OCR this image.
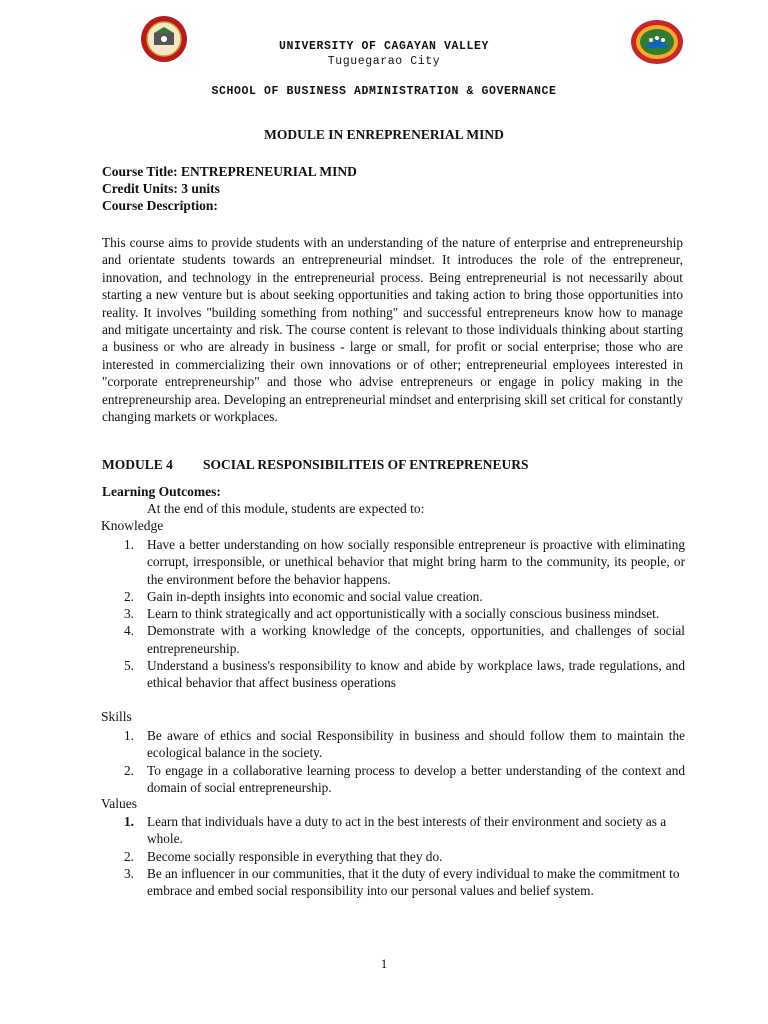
UNIVERSITY OF CAGAYAN VALLEY
Tuguegarao City
SCHOOL OF BUSINESS ADMINISTRATION & GOVERNANCE
MODULE IN ENREPRENERIAL MIND
Course Title: ENTREPRENEURIAL MIND
Credit Units: 3 units
Course Description:

This course aims to provide students with an understanding of the nature of enterprise and entrepreneurship and orientate students towards an entrepreneurial mindset. It introduces the role of the entrepreneur, innovation, and technology in the entrepreneurial process. Being entrepreneurial is not necessarily about starting a new venture but is about seeking opportunities and taking action to bring those opportunities into reality. It involves "building something from nothing" and successful entrepreneurs know how to manage and mitigate uncertainty and risk. The course content is relevant to those individuals thinking about starting a business or who are already in business - large or small, for profit or social enterprise; those who are interested in commercializing their own innovations or of other; entrepreneurial employees interested in "corporate entrepreneurship" and those who advise entrepreneurs or engage in policy making in the entrepreneurship area. Developing an entrepreneurial mindset and enterprising skill set critical for constantly changing markets or workplaces.

MODULE 4 SOCIAL RESPONSIBILITEIS OF ENTREPRENEURS
Learning Outcomes:
At the end of this module, students are expected to:
Knowledge
1. Have a better understanding on how socially responsible entrepreneur is proactive with eliminating corrupt, irresponsible, or unethical behavior that might bring harm to the community, its people, or the environment before the behavior happens.
2. Gain in-depth insights into economic and social value creation.
3. Learn to think strategically and act opportunistically with a socially conscious business mindset.
4. Demonstrate with a working knowledge of the concepts, opportunities, and challenges of social entrepreneurship.
5. Understand a business's responsibility to know and abide by workplace laws, trade regulations, and ethical behavior that affect business operations
Skills
1. Be aware of ethics and social Responsibility in business and should follow them to maintain the ecological balance in the society.
2. To engage in a collaborative learning process to develop a better understanding of the context and domain of social entrepreneurship.
Values
1. Learn that individuals have a duty to act in the best interests of their environment and society as a whole.
2. Become socially responsible in everything that they do.
3. Be an influencer in our communities, that it the duty of every individual to make the commitment to embrace and embed social responsibility into our personal values and belief system.
1
